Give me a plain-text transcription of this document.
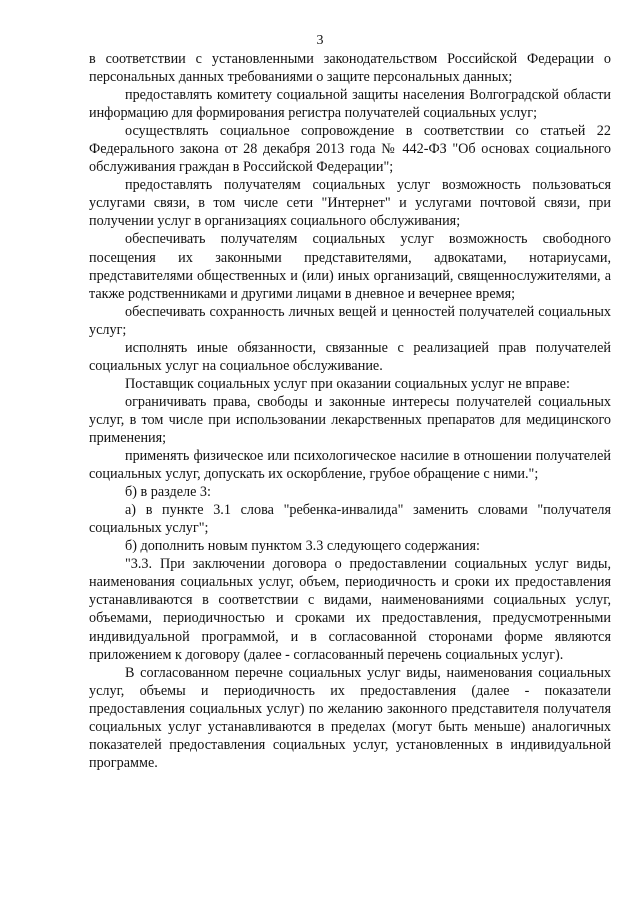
3

в соответствии с установленными законодательством Российской Федерации о персональных данных требованиями о защите персональных данных;

предоставлять комитету социальной защиты населения Волгоградской области информацию для формирования регистра получателей социальных услуг;

осуществлять социальное сопровождение в соответствии со статьей 22 Федерального закона от 28 декабря 2013 года № 442-ФЗ "Об основах социального обслуживания граждан в Российской Федерации";

предоставлять получателям социальных услуг возможность пользоваться услугами связи, в том числе сети "Интернет" и услугами почтовой связи, при получении услуг в организациях социального обслуживания;

обеспечивать получателям социальных услуг возможность свободного посещения их законными представителями, адвокатами, нотариусами, представителями общественных и (или) иных организаций, священнослужителями, а также родственниками и другими лицами в дневное и вечернее время;

обеспечивать сохранность личных вещей и ценностей получателей социальных услуг;

исполнять иные обязанности, связанные с реализацией прав получателей социальных услуг на социальное обслуживание.

Поставщик социальных услуг при оказании социальных услуг не вправе:

ограничивать права, свободы и законные интересы получателей социальных услуг, в том числе при использовании лекарственных препаратов для медицинского применения;

применять физическое или психологическое насилие в отношении получателей социальных услуг, допускать их оскорбление, грубое обращение с ними.";

б) в разделе 3:

а) в пункте 3.1 слова "ребенка-инвалида" заменить словами "получателя социальных услуг";

б) дополнить новым пунктом 3.3 следующего содержания:

"3.3. При заключении договора о предоставлении социальных услуг виды, наименования социальных услуг, объем, периодичность и сроки их предоставления устанавливаются в соответствии с видами, наименованиями социальных услуг, объемами, периодичностью и сроками их предоставления, предусмотренными индивидуальной программой, и в согласованной сторонами форме являются приложением к договору (далее - согласованный перечень социальных услуг).

В согласованном перечне социальных услуг виды, наименования социальных услуг, объемы и периодичность их предоставления (далее - показатели предоставления социальных услуг) по желанию законного представителя получателя социальных услуг устанавливаются в пределах (могут быть меньше) аналогичных показателей предоставления социальных услуг, установленных в индивидуальной программе.
